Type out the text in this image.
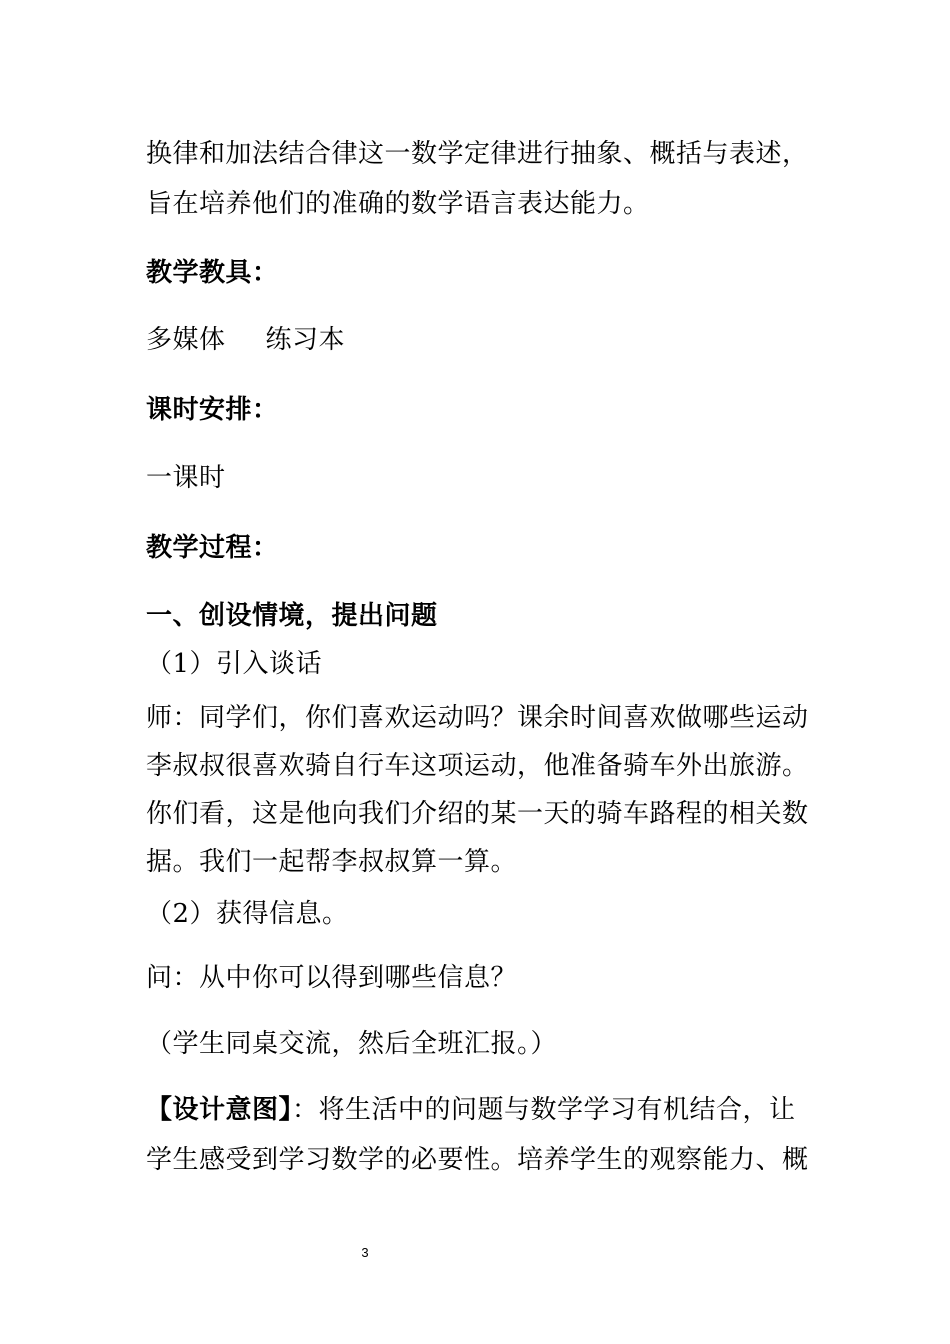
换律和加法结合律这一数学定律进行抽象、概括与表述，
旨在培养他们的准确的数学语言表达能力。
教学教具：
多媒体 练习本
课时安排：
一课时
教学过程：
一、创设情境，提出问题
（1）引入谈话
师：同学们，你们喜欢运动吗？课余时间喜欢做哪些运动
李叔叔很喜欢骑自行车这项运动，他准备骑车外出旅游。
你们看，这是他向我们介绍的某一天的骑车路程的相关数
据。我们一起帮李叔叔算一算。
（2）获得信息。
问：从中你可以得到哪些信息？
（学生同桌交流，然后全班汇报。）
【设计意图】：将生活中的问题与数学学习有机结合，让
学生感受到学习数学的必要性。培养学生的观察能力、概
3
